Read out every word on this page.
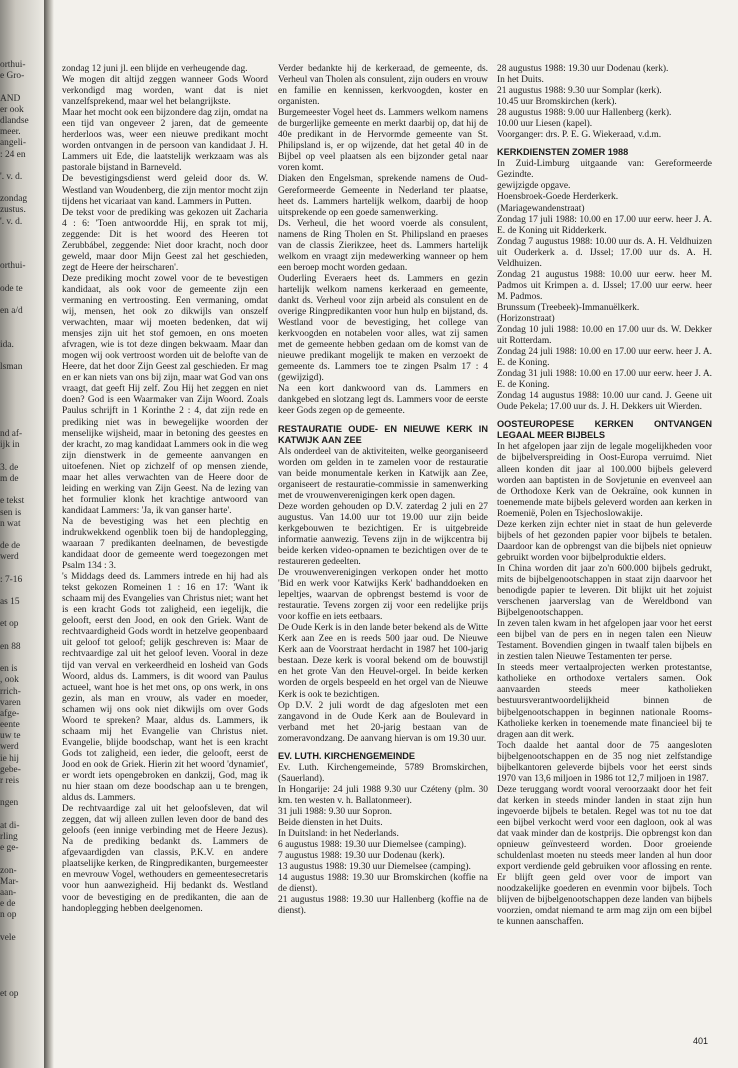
orthui-
e Gro-
AND
er ook
dlandse
meer.
angeli-
: 24 en
'. v. d.
zondag
zustus.
'. v. d.
orthui-
ode te
en a/d
ida.
lsman
nd af-
ijk in
3. de
m de
e tekst
sen is
n wat
de de
werd
: 7-16
as 15
et op
en 88
en is
, ook
rrich-
varen
afge-
eente
uw te
werd
ie hij
gebe-
r reis
ngen
at di-
rling
e ge-
zon-
Mar-
aan-
e de
n op
vele
et op

zondag 12 juni jl. een blijde en verheugende dag.

We mogen dit altijd zeggen wanneer Gods Woord verkondigd mag worden, want dat is niet vanzelfsprekend, maar wel het belangrijkste.

Maar het mocht ook een bijzondere dag zijn, omdat na een tijd van ongeveer 2 jaren, dat de gemeente herderloos was, weer een nieuwe predikant mocht worden ontvangen in de persoon van kandidaat J. H. Lammers uit Ede, die laatstelijk werkzaam was als pastorale bijstand in Barneveld.

De bevestigingsdienst werd geleid door ds. W. Westland van Woudenberg, die zijn mentor mocht zijn tijdens het vicariaat van kand. Lammers in Putten.

De tekst voor de prediking was gekozen uit Zacharia 4 : 6: 'Toen antwoordde Hij, en sprak tot mij, zeggende: Dit is het woord des Heeren tot Zerubbábel, zeggende: Niet door kracht, noch door geweld, maar door Mijn Geest zal het geschieden, zegt de Heere der heirscharen'.

Deze prediking mocht zowel voor de te bevestigen kandidaat, als ook voor de gemeente zijn een vermaning en vertroosting. Een vermaning, omdat wij, mensen, het ook zo dikwijls van onszelf verwachten, maar wij moeten bedenken, dat wij mensjes zijn uit het stof gemoen, en ons moeten afvragen, wie is tot deze dingen bekwaam. Maar dan mogen wij ook vertroost worden uit de belofte van de Heere, dat het door Zijn Geest zal geschieden. Er mag en er kan niets van ons bij zijn, maar wat God van ons vraagt, dat geeft Hij zelf. Zou Hij het zeggen en niet doen? God is een Waarmaker van Zijn Woord. Zoals Paulus schrijft in 1 Korinthe 2 : 4, dat zijn rede en prediking niet was in bewegelijke woorden der menselijke wijsheid, maar in betoning des geestes en der kracht, zo mag kandidaat Lammers ook in die weg zijn dienstwerk in de gemeente aanvangen en uitoefenen. Niet op zichzelf of op mensen ziende, maar het alles verwachten van de Heere door de leiding en werking van Zijn Geest. Na de lezing van het formulier klonk het krachtige antwoord van kandidaat Lammers: 'Ja, ik van ganser harte'.

Na de bevestiging was het een plechtig en indrukwekkend ogenblik toen bij de handoplegging, waaraan 7 predikanten deelnamen, de bevestigde kandidaat door de gemeente werd toegezongen met Psalm 134 : 3.

's Middags deed ds. Lammers intrede en hij had als tekst gekozen Romeinen 1 : 16 en 17: 'Want ik schaam mij des Evangelies van Christus niet; want het is een kracht Gods tot zaligheid, een iegelijk, die gelooft, eerst den Jood, en ook den Griek. Want de rechtvaardigheid Gods wordt in hetzelve geopenbaard uit geloof tot geloof; gelijk geschreven is: Maar de rechtvaardige zal uit het geloof leven. Vooral in deze tijd van verval en verkeerdheid en losheid van Gods Woord, aldus ds. Lammers, is dit woord van Paulus actueel, want hoe is het met ons, op ons werk, in ons gezin, als man en vrouw, als vader en moeder, schamen wij ons ook niet dikwijls om over Gods Woord te spreken? Maar, aldus ds. Lammers, ik schaam mij het Evangelie van Christus niet. Evangelie, blijde boodschap, want het is een kracht Gods tot zaligheid, een ieder, die gelooft, eerst de Jood en ook de Griek. Hierin zit het woord 'dynamiet', er wordt iets opengebroken en dankzij, God, mag ik nu hier staan om deze boodschap aan u te brengen, aldus ds. Lammers.

De rechtvaardige zal uit het geloofsleven, dat wil zeggen, dat wij alleen zullen leven door de band des geloofs (een innige verbinding met de Heere Jezus). Na de prediking bedankt ds. Lammers de afgevaardigden van classis, P.K.V. en andere plaatselijke kerken, de Ringpredikanten, burgemeester en mevrouw Vogel, wethouders en gemeentesecretaris voor hun aanwezigheid. Hij bedankt ds. Westland voor de bevestiging en de predikanten, die aan de handoplegging hebben deelgenomen.

Verder bedankte hij de kerkeraad, de gemeente, ds. Verheul van Tholen als consulent, zijn ouders en vrouw en familie en kennissen, kerkvoogden, koster en organisten.

Burgemeester Vogel heet ds. Lammers welkom namens de burgerlijke gemeente en merkt daarbij op, dat hij de 40e predikant in de Hervormde gemeente van St. Philipsland is, er op wijzende, dat het getal 40 in de Bijbel op veel plaatsen als een bijzonder getal naar voren komt.

Diaken den Engelsman, sprekende namens de Oud-Gereformeerde Gemeente in Nederland ter plaatse, heet ds. Lammers hartelijk welkom, daarbij de hoop uitsprekende op een goede samenwerking.

Ds. Verheul, die het woord voerde als consulent, namens de Ring Tholen en St. Philipsland en praeses van de classis Zierikzee, heet ds. Lammers hartelijk welkom en vraagt zijn medewerking wanneer op hem een beroep mocht worden gedaan.

Ouderling Everaers heet ds. Lammers en gezin hartelijk welkom namens kerkeraad en gemeente, dankt ds. Verheul voor zijn arbeid als consulent en de overige Ringpredikanten voor hun hulp en bijstand, ds. Westland voor de bevestiging, het college van kerkvoogden en notabelen voor alles, wat zij samen met de gemeente hebben gedaan om de komst van de nieuwe predikant mogelijk te maken en verzoekt de gemeente ds. Lammers toe te zingen Psalm 17 : 4 (gewijzigd).

Na een kort dankwoord van ds. Lammers en dankgebed en slotzang legt ds. Lammers voor de eerste keer Gods zegen op de gemeente.

RESTAURATIE OUDE- EN NIEUWE KERK IN KATWIJK AAN ZEE

Als onderdeel van de aktiviteiten, welke georganiseerd worden om gelden in te zamelen voor de restauratie van beide monumentale kerken in Katwijk aan Zee, organiseert de restauratie-commissie in samenwerking met de vrouwenverenigingen kerk open dagen.

Deze worden gehouden op D.V. zaterdag 2 juli en 27 augustus. Van 14.00 uur tot 19.00 uur zijn beide kerkgebouwen te bezichtigen. Er is uitgebreide informatie aanwezig. Tevens zijn in de wijkcentra bij beide kerken video-opnamen te bezichtigen over de te restaureren gedeelten.

De vrouwenverenigingen verkopen onder het motto 'Bid en werk voor Katwijks Kerk' badhanddoeken en lepeltjes, waarvan de opbrengst bestemd is voor de restauratie. Tevens zorgen zij voor een redelijke prijs voor koffie en iets eetbaars.

De Oude Kerk is in den lande beter bekend als de Witte Kerk aan Zee en is reeds 500 jaar oud. De Nieuwe Kerk aan de Voorstraat herdacht in 1987 het 100-jarig bestaan. Deze kerk is vooral bekend om de bouwstijl en het grote Van den Heuvel-orgel. In beide kerken worden de orgels bespeeld en het orgel van de Nieuwe Kerk is ook te bezichtigen.

Op D.V. 2 juli wordt de dag afgesloten met een zangavond in de Oude Kerk aan de Boulevard in verband met het 20-jarig bestaan van de zomeravondzang. De aanvang hiervan is om 19.30 uur.

EV. LUTH. KIRCHENGEMEINDE

Ev. Luth. Kirchengemeinde, 5789 Bromskirchen, (Sauerland).

In Hongarije: 24 juli 1988 9.30 uur Czéteny (plm. 30 km. ten westen v. h. Ballatonmeer).

31 juli 1988: 9.30 uur Sopron.

Beide diensten in het Duits.

In Duitsland: in het Nederlands.

6 augustus 1988: 19.30 uur Diemelsee (camping).

7 augustus 1988: 19.30 uur Dodenau (kerk).

13 augustus 1988: 19.30 uur Diemelsee (camping).

14 augustus 1988: 19.30 uur Bromskirchen (koffie na de dienst).

21 augustus 1988: 19.30 uur Hallenberg (koffie na de dienst).

28 augustus 1988: 19.30 uur Dodenau (kerk).

In het Duits.

21 augustus 1988: 9.30 uur Somplar (kerk).

10.45 uur Bromskirchen (kerk).

28 augustus 1988: 9.00 uur Hallenberg (kerk).

10.00 uur Liesen (kapel).

Voorganger: drs. P. E. G. Wiekeraad, v.d.m.

KERKDIENSTEN ZOMER 1988

In Zuid-Limburg uitgaande van: Gereformeerde Gezindte.

gewijzigde opgave.

Hoensbroek-Goede Herderkerk.

(Mariagewandenstraat)

Zondag 17 juli 1988: 10.00 en 17.00 uur eerw. heer J. A. E. de Koning uit Ridderkerk.

Zondag 7 augustus 1988: 10.00 uur ds. A. H. Veldhuizen uit Ouderkerk a. d. IJssel; 17.00 uur ds. A. H. Veldhuizen.

Zondag 21 augustus 1988: 10.00 uur eerw. heer M. Padmos uit Krimpen a. d. IJssel; 17.00 uur eerw. heer M. Padmos.

Brunssum (Treebeek)-Immanuëlkerk.

(Horizonstraat)

Zondag 10 juli 1988: 10.00 en 17.00 uur ds. W. Dekker uit Rotterdam.

Zondag 24 juli 1988: 10.00 en 17.00 uur eerw. heer J. A. E. de Koning.

Zondag 31 juli 1988: 10.00 en 17.00 uur eerw. heer J. A. E. de Koning.

Zondag 14 augustus 1988: 10.00 uur cand. J. Geene uit Oude Pekela; 17.00 uur ds. J. H. Dekkers uit Wierden.

OOSTEUROPESE KERKEN ONTVANGEN LEGAAL MEER BIJBELS

In het afgelopen jaar zijn de legale mogelijkheden voor de bijbelverspreiding in Oost-Europa verruimd. Niet alleen konden dit jaar al 100.000 bijbels geleverd worden aan baptisten in de Sovjetunie en evenveel aan de Orthodoxe Kerk van de Oekraïne, ook kunnen in toenemende mate bijbels geleverd worden aan kerken in Roemenië, Polen en Tsjechoslowakije.

Deze kerken zijn echter niet in staat de hun geleverde bijbels of het gezonden papier voor bijbels te betalen. Daardoor kan de opbrengst van die bijbels niet opnieuw gebruikt worden voor bijbelproduktie elders.

In China worden dit jaar zo'n 600.000 bijbels gedrukt, mits de bijbelgenootschappen in staat zijn daarvoor het benodigde papier te leveren. Dit blijkt uit het zojuist verschenen jaarverslag van de Wereldbond van Bijbelgenootschappen.

In zeven talen kwam in het afgelopen jaar voor het eerst een bijbel van de pers en in negen talen een Nieuw Testament. Bovendien gingen in twaalf talen bijbels en in zestien talen Nieuwe Testamenten ter perse.

In steeds meer vertaalprojecten werken protestantse, katholieke en orthodoxe vertalers samen. Ook aanvaarden steeds meer katholieken bestuursverantwoordelijkheid binnen de bijbelgenootschappen in beginnen nationale Rooms-Katholieke kerken in toenemende mate financieel bij te dragen aan dit werk.

Toch daalde het aantal door de 75 aangesloten bijbelgenootschappen en de 35 nog niet zelfstandige bijbelkantoren geleverde bijbels voor het eerst sinds 1970 van 13,6 miljoen in 1986 tot 12,7 miljoen in 1987.

Deze teruggang wordt vooral veroorzaakt door het feit dat kerken in steeds minder landen in staat zijn hun ingevoerde bijbels te betalen. Regel was tot nu toe dat een bijbel verkocht werd voor een dagloon, ook al was dat vaak minder dan de kostprijs. Die opbrengst kon dan opnieuw geïnvesteerd worden. Door groeiende schuldenlast moeten nu steeds meer landen al hun door export verdiende geld gebruiken voor aflossing en rente. Er blijft geen geld over voor de import van noodzakelijke goederen en evenmin voor bijbels. Toch blijven de bijbelgenootschappen deze landen van bijbels voorzien, omdat niemand te arm mag zijn om een bijbel te kunnen aanschaffen.

401
